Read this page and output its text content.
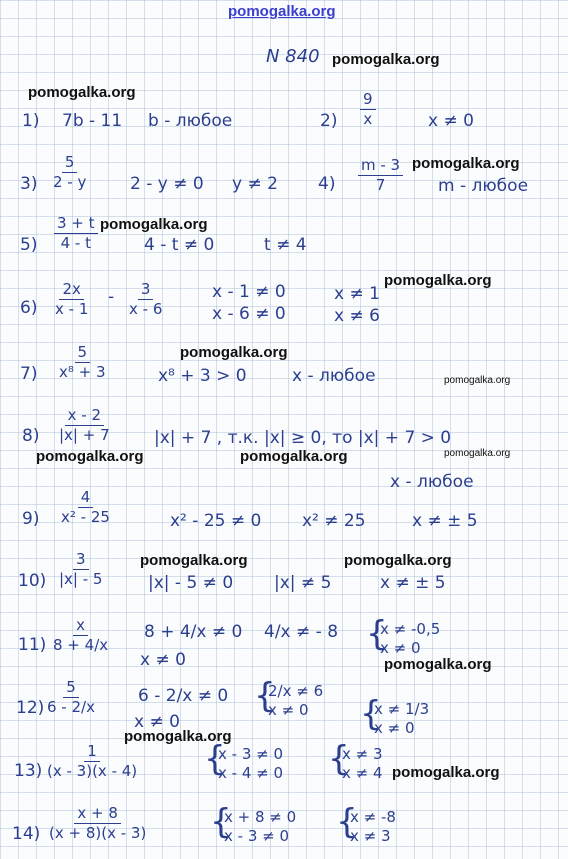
pomogalka.org
N 840
1) 7b - 11 b - любое	$2) \frac{9}{x}$	x ≠ 0
$3) \frac{5}{2 - y} 2 - y \ne 0$ y ≠ 2 $4) \frac{m - 3}{7}$ m - любое
$5) \frac{3 + t}{4 - t}$	4 - t ≠ 0	t ≠ 4
$6) \frac{2x}{x - 1} - \frac{3}{x - 6}$	x - 1 ≠ 0
x - 6 ≠ 0
x ≠ 1
x ≠ 6
$7) \frac{5}{\text{x⁸ + 3}}$	x⁸ + 3 > 0	x - любое
$8) \frac{x - 2}{|x| + 7} |x| + 7$ , т.к. |x| ≥ 0, то |x| + 7 > 0
x - любое
$9) \frac{4}{\text{x² - 25}}$	x² - 25 ≠ 0 x² ≠ 25	x ≠ ± 5
$10) \frac{3}{|x| - 5}$	|x| - 5 ≠ 0 |x| ≠ 5	x ≠ ± 5
$11) \frac{x}{8 + 4/x} 8 + 4/x \ne 0$
x ≠ 0
4/x ≠ - 8	{ x ≠ -0,5
x ≠ 0
$12) \frac{5}{6 - 2/x} 6 - 2/x \ne 0$
x ≠ 0
{ 2/x ≠ 6
x ≠ 0	{ x ≠ 1/3
x ≠ 0
$13) \frac{1}{(x - 3)(x - 4)}$	{ x - 3 ≠ 0
x - 4 ≠ 0
{ x ≠ 3
x ≠ 4
$14) \frac{x + 8}{(x + 8)(x - 3)}$	{ x + 8 ≠ 0
x - 3 ≠ 0
{ x ≠ -8
x ≠ 3
pomogalka.org
pomogalka.org
pomogalka.org
pomogalka.org
pomogalka.org
pomogalka.org
pomogalka.org
pomogalka.org	pomogalka.org	pomogalka.org
pomogalka.org	pomogalka.org
pomogalka.org
pomogalka.org
pomogalka.org
